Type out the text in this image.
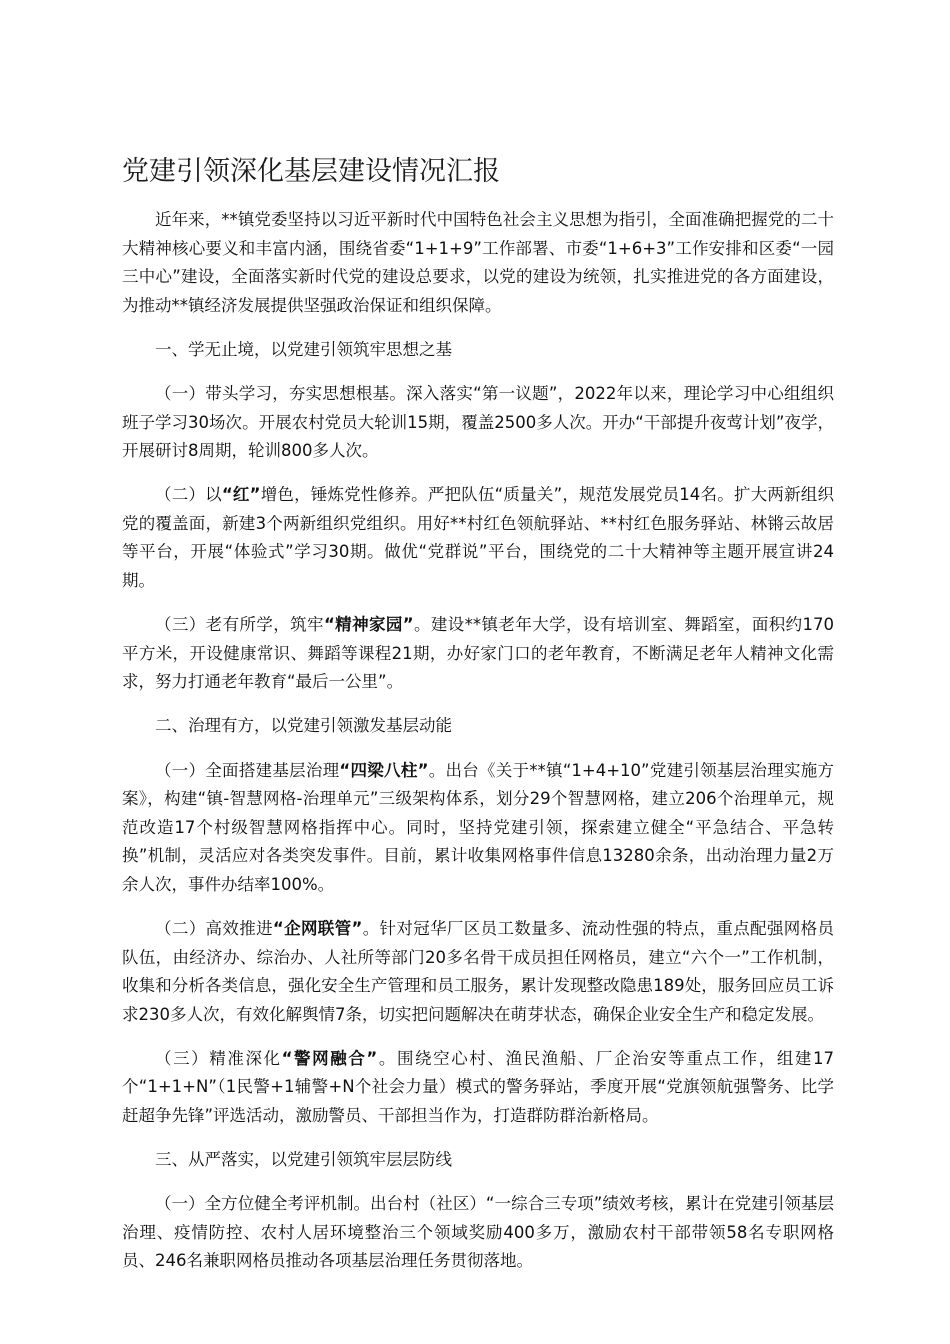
党建引领深化基层建设情况汇报

近年来，**镇党委坚持以习近平新时代中国特色社会主义思想为指引，全面准确把握党的二十大精神核心要义和丰富内涵，围绕省委“1+1+9”工作部署、市委“1+6+3”工作安排和区委“一园三中心”建设，全面落实新时代党的建设总要求，以党的建设为统领，扎实推进党的各方面建设，为推动**镇经济发展提供坚强政治保证和组织保障。

一、学无止境，以党建引领筑牢思想之基

（一）带头学习，夯实思想根基。深入落实“第一议题”，2022年以来，理论学习中心组组织班子学习30场次。开展农村党员大轮训15期，覆盖2500多人次。开办“干部提升夜莺计划”夜学，开展研讨8周期，轮训800多人次。

（二）以“红”增色，锤炼党性修养。严把队伍“质量关”，规范发展党员14名。扩大两新组织党的覆盖面，新建3个两新组织党组织。用好**村红色领航驿站、**村红色服务驿站、林锵云故居等平台，开展“体验式”学习30期。做优“党群说”平台，围绕党的二十大精神等主题开展宣讲24期。

（三）老有所学，筑牢“精神家园”。建设**镇老年大学，设有培训室、舞蹈室，面积约170平方米，开设健康常识、舞蹈等课程21期，办好家门口的老年教育，不断满足老年人精神文化需求，努力打通老年教育“最后一公里”。

二、治理有方，以党建引领激发基层动能

（一）全面搭建基层治理“四梁八柱”。出台《关于**镇“1+4+10”党建引领基层治理实施方案》，构建“镇-智慧网格-治理单元”三级架构体系，划分29个智慧网格，建立206个治理单元，规范改造17个村级智慧网格指挥中心。同时，坚持党建引领，探索建立健全“平急结合、平急转换”机制，灵活应对各类突发事件。目前，累计收集网格事件信息13280余条，出动治理力量2万余人次，事件办结率100%。

（二）高效推进“企网联管”。针对冠华厂区员工数量多、流动性强的特点，重点配强网格员队伍，由经济办、综治办、人社所等部门20多名骨干成员担任网格员，建立“六个一”工作机制，收集和分析各类信息，强化安全生产管理和员工服务，累计发现整改隐患189处，服务回应员工诉求230多人次，有效化解舆情7条，切实把问题解决在萌芽状态，确保企业安全生产和稳定发展。

（三）精准深化“警网融合”。围绕空心村、渔民渔船、厂企治安等重点工作，组建17个“1+1+N”（1民警+1辅警+N个社会力量）模式的警务驿站，季度开展“党旗领航强警务、比学赶超争先锋”评选活动，激励警员、干部担当作为，打造群防群治新格局。

三、从严落实，以党建引领筑牢层层防线

（一）全方位健全考评机制。出台村（社区）“一综合三专项”绩效考核，累计在党建引领基层治理、疫情防控、农村人居环境整治三个领域奖励400多万，激励农村干部带领58名专职网格员、246名兼职网格员推动各项基层治理任务贯彻落地。
